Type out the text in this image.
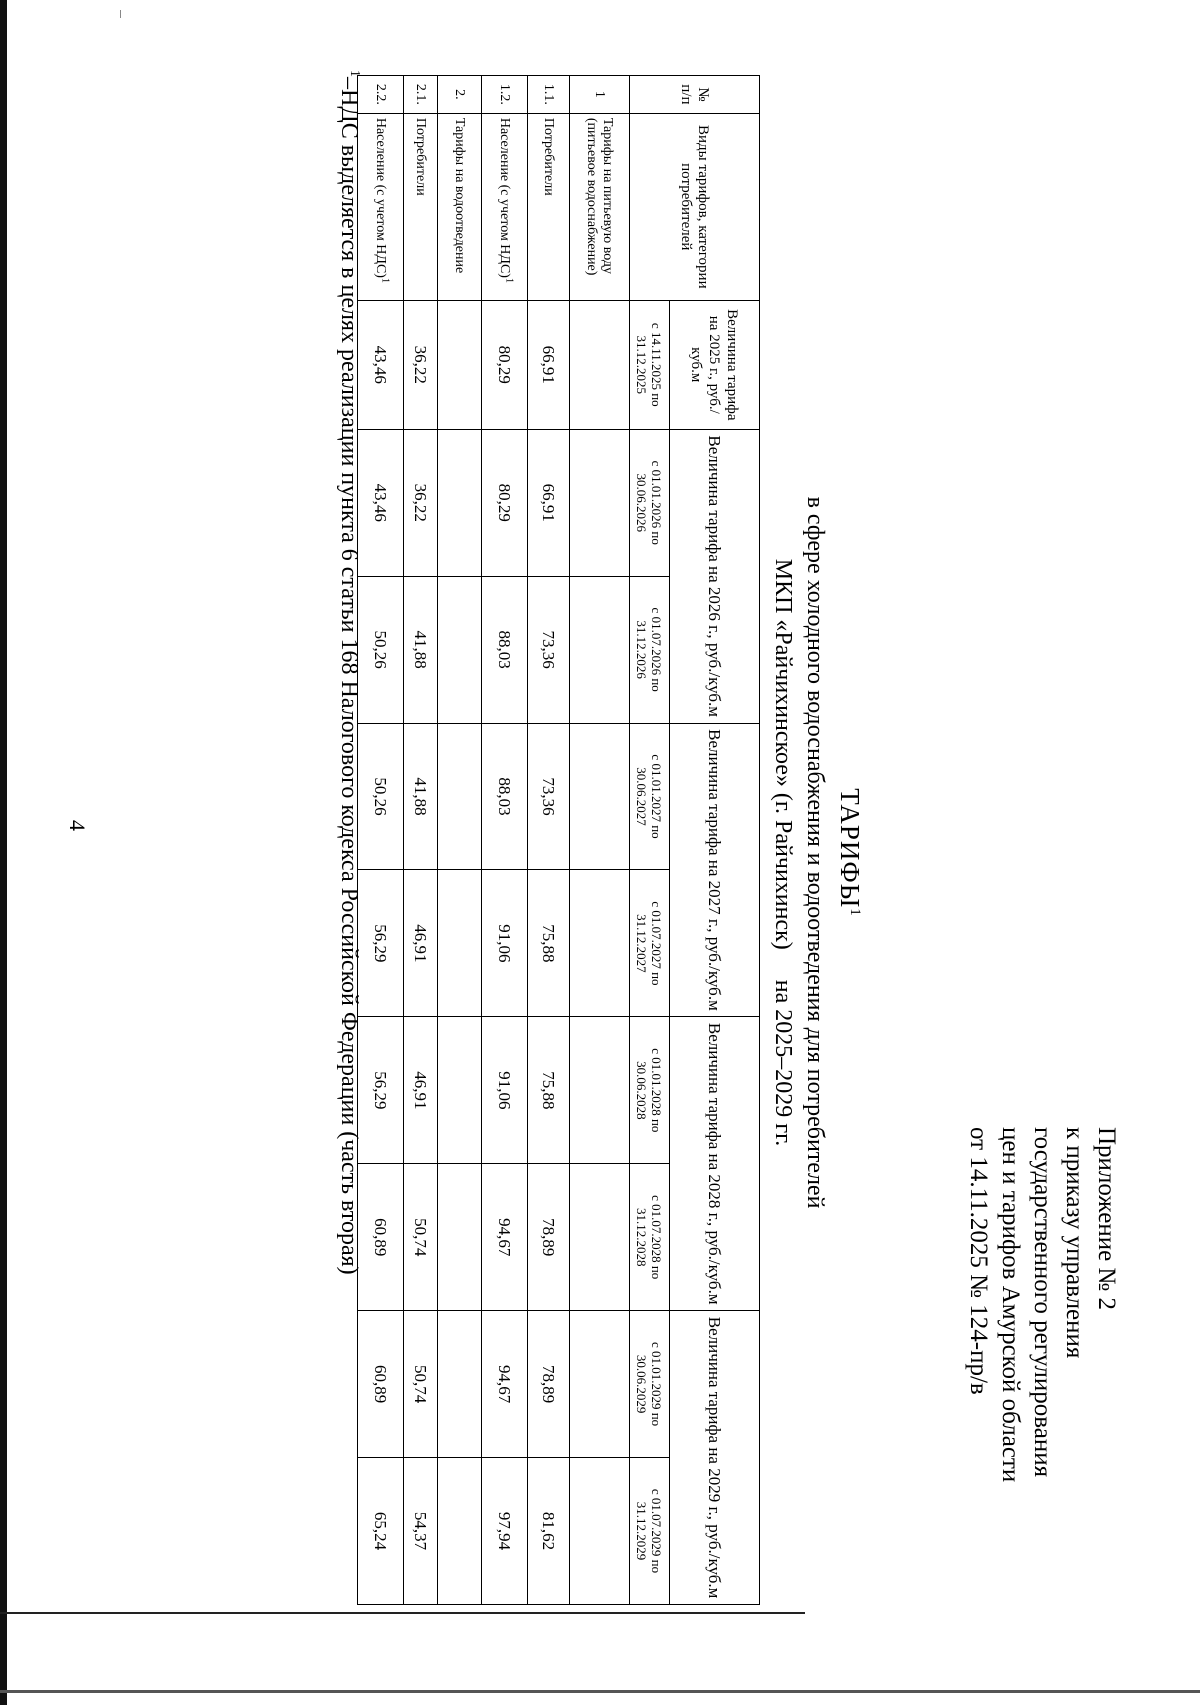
4
Приложение № 2
к приказу управления
государственного регулирования
цен и тарифов Амурской области
от 14.11.2025 № 124-пр/в
ТАРИФЫ$^1$
в сфере холодного водоснабжения и водоотведения для потребителей
МКП «Райчихинское» (г. Райчихинск)на 2025–2029 гг.
№ п/п	Виды тарифов, категории потребителей	Величина тарифа на 2025 г., руб./куб.м	Величина тарифа на 2026 г., руб./куб.м		Величина тарифа на 2027 г., руб./куб.м		Величина тарифа на 2028 г., руб./куб.м		Величина тарифа на 2029 г., руб./куб.м	
		с 14.11.2025 по 31.12.2025	с 01.01.2026 по 30.06.2026	с 01.07.2026 по 31.12.2026	с 01.01.2027 по 30.06.2027	с 01.07.2027 по 31.12.2027	с 01.01.2028 по 30.06.2028	с 01.07.2028 по 31.12.2028	с 01.01.2029 по 30.06.2029	с 01.07.2029 по 31.12.2029
1	Тарифы на питьевую воду (питьевое водоснабжение)									
1.1.	Потребители	66,91	66,91	73,36	73,36	75,88	75,88	78,89	78,89	81,62
1.2.	Население (с учетом НДС)$^1$	80,29	80,29	88,03	88,03	91,06	91,06	94,67	94,67	97,94
2.	Тарифы на водоотведение									
2.1.	Потребители	36,22	36,22	41,88	41,88	46,91	46,91	50,74	50,74	54,37
2.2.	Население (с учетом НДС)$^1$	43,46	43,46	50,26	50,26	56,29	56,29	60,89	60,89	65,24
$^1$–НДС выделяется в целях реализации пункта 6 статьи 168 Налогового кодекса Российской Федерации (часть вторая)
